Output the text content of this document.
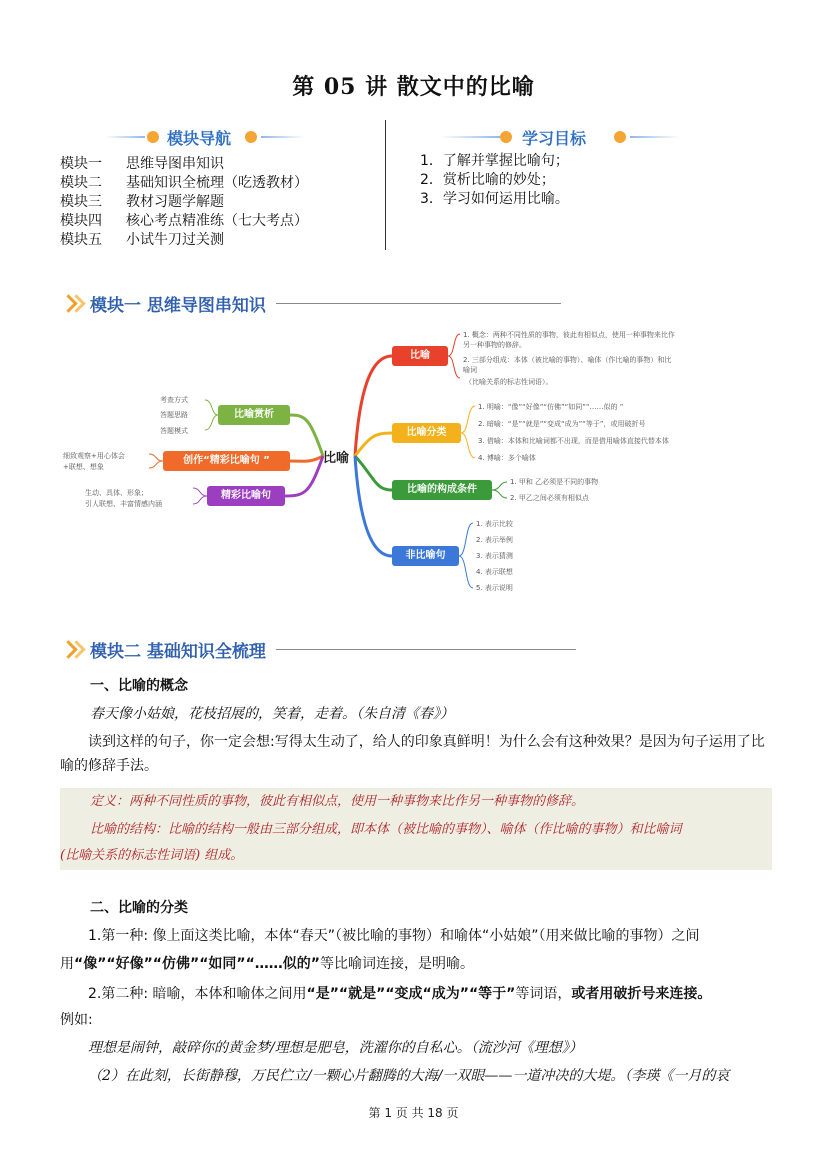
第 05 讲 散文中的比喻
模块导航
模块一	思维导图串知识
模块二	基础知识全梳理（吃透教材）
模块三	教材习题学解题
模块四	核心考点精准练（七大考点）
模块五	小试牛刀过关测
学习目标
1．了解并掌握比喻句；
2．赏析比喻的妙处；
3．学习如何运用比喻。
模块一 思维导图串知识
比喻
比喻
比喻分类
比喻的构成条件
非比喻句
比喻赏析
创作“精彩比喻句 ”
精彩比喻句
1. 概念：两种不同性质的事物，彼此有相似点，使用一种事物来比作
另一种事物的修辞。
2. 三部分组成：本体（被比喻的事物）、喻体（作比喻的事物）和比
喻词
（比喻关系的标志性词语）。
1. 明喻：“像”“好像”“仿佛”“如同”“……似的 ”
2. 暗喻：“是”“就是”“变成“成为”“等于”，或用破折号
3. 借喻：本体和比喻词都不出现，而是借用喻体直接代替本体
4. 博喻：多个喻体
1. 甲和 乙必须是不同的事物
2. 甲乙之间必须有相似点
1. 表示比较
2. 表示举例
3. 表示猜测
4. 表示联想
5. 表示说明
考查方式
答题思路
答题模式
细致观察+用心体会
+联想、想象
生动、具体、形象；
引人联想、丰富情感内涵
模块二 基础知识全梳理
一、比喻的概念
春天像小姑娘，花枝招展的，笑着，走着。（朱自清《春》）
读到这样的句子，你一定会想:写得太生动了，给人的印象真鲜明！为什么会有这种效果？是因为句子运用了比喻的修辞手法。
定义：两种不同性质的事物，彼此有相似点，使用一种事物来比作另一种事物的修辞。
比喻的结构：比喻的结构一般由三部分组成，即本体（被比喻的事物）、喻体（作比喻的事物）和比喻词
(比喻关系的标志性词语) 组成。
二、比喻的分类
1.第一种: 像上面这类比喻，本体“春天”（被比喻的事物）和喻体“小姑娘”（用来做比喻的事物）之间
用“像”“好像”“仿佛”“如同”“……似的”等比喻词连接，是明喻。
2.第二种: 暗喻，本体和喻体之间用“是”“就是”“变成“成为”“等于”等词语，或者用破折号来连接。
例如:
理想是闹钟，敲碎你的黄金梦/理想是肥皂，洗濯你的自私心。（流沙河《理想》）
（2）在此刻，长街静穆，万民伫立/一颗心片翻腾的大海/一双眼——一道冲决的大堤。（李瑛《一月的哀
第 1 页 共 18 页
